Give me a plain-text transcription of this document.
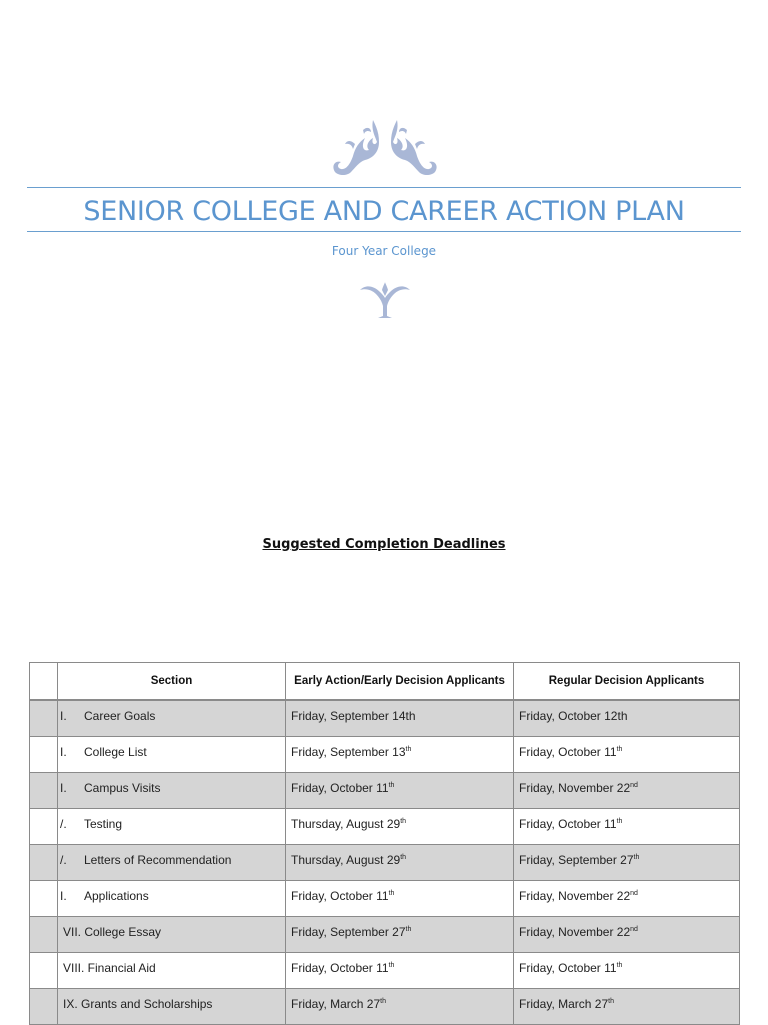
SENIOR COLLEGE AND CAREER ACTION PLAN
Four Year College
Suggested Completion Deadlines
	Section	Early Action/Early Decision Applicants	Regular Decision Applicants

	I. Career Goals	Friday, September 14th	Friday, October 12th

	I. College List	Friday, September 13th	Friday, October 11th

	I. Campus Visits	Friday, October 11th	Friday, November 22nd

	/. Testing	Thursday, August 29th	Friday, October 11th

	/. Letters of Recommendation	Thursday, August 29th	Friday, September 27th

	I. Applications	Friday, October 11th	Friday, November 22nd

	VII. College Essay	Friday, September 27th	Friday, November 22nd

	VIII. Financial Aid	Friday, October 11th	Friday, October 11th

	IX. Grants and Scholarships	Friday, March 27th	Friday, March 27th
